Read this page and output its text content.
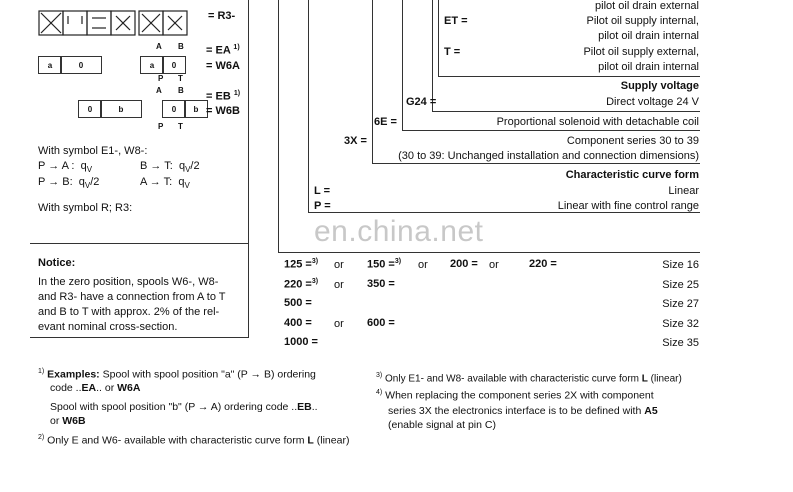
= R3-
A B
a	0	a 0
= EA $^{1)}$
= W6A
P T
A B
0	b	0 b
= EB $^{1)}$
= W6B
P T
With symbol E1-, W8-:
P → A : $q_V$	B → T: $q_V/2$
P → B: $q_V/2$	A → T: $q_V$
With symbol R; R3:
Notice:
In the zero position, spools W6-, W8-
and R3- have a connection from A to T
and B to T with approx. 2% of the rel-
evant nominal cross-section.
pilot oil drain external
ET =	Pilot oil supply internal,
pilot oil drain internal
T =	Pilot oil supply external,
pilot oil drain internal
Supply voltage
G24 =	Direct voltage 24 V
6E =	Proportional solenoid with detachable coil
3X =	Component series 30 to 39
(30 to 39: Unchanged installation and connection dimensions)
Characteristic curve form
L =	Linear
P =	Linear with fine control range
en.china.net
125 =$^{3)}$ or 150 =$^{3)}$ or 200 = or	220 =	Size 16
220 =$^{3)}$ or 350 =	Size 25
500 =	Size 27
400 = or 600 =	Size 32
1000 =	Size 35
$^{1)}$ Examples: Spool with spool position "a" (P → B) ordering
code ..EA.. or W6A
Spool with spool position "b" (P → A) ordering code ..EB..
or W6B
$^{2)}$ Only E and W6- available with characteristic curve form L (linear)
$^{3)}$ Only E1- and W8- available with characteristic curve form L (linear)
$^{4)}$ When replacing the component series 2X with component
series 3X the electronics interface is to be defined with A5
(enable signal at pin C)
